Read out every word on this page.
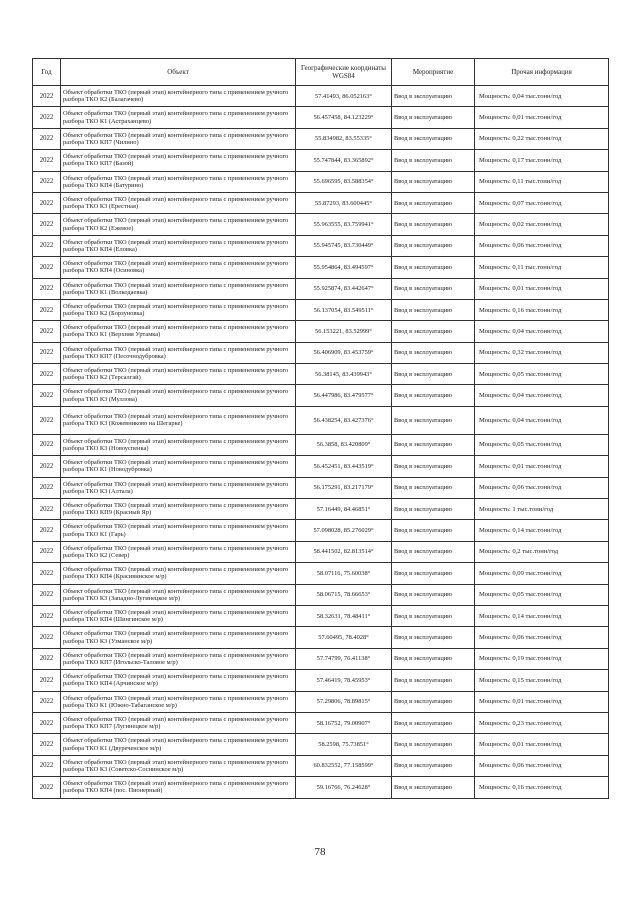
Год	Объект	Географические координаты WGS84	Мероприятие	Прочая информация
2022	Объект обработки ТКО (первый этап) контейнерного типа с применением ручного разбора ТКО К2 (Балагачево)	57.41493, 86.052163°	Ввод в эксплуатацию	Мощность: 0,04 тыс.тонн/год
2022	Объект обработки ТКО (первый этап) контейнерного типа с применением ручного разбора ТКО К1 (Астраханцево)	56.457458, 84.123229°	Ввод в эксплуатацию	Мощность: 0,01 тыс.тонн/год
2022	Объект обработки ТКО (первый этап) контейнерного типа с применением ручного разбора ТКО КП7 (Чилино)	55.834982, 83.55335°	Ввод в эксплуатацию	Мощность: 0,22 тыс.тонн/год
2022	Объект обработки ТКО (первый этап) контейнерного типа с применением ручного разбора ТКО КП7 (Базой)	55.747844, 83.365892°	Ввод в эксплуатацию	Мощность: 0,17 тыс.тонн/год
2022	Объект обработки ТКО (первый этап) контейнерного типа с применением ручного разбора ТКО КП4 (Батурино)	55.696595, 83.588354°	Ввод в эксплуатацию	Мощность: 0,11 тыс.тонн/год
2022	Объект обработки ТКО (первый этап) контейнерного типа с применением ручного разбора ТКО К3 (Ерестная)	55.87293, 83.600445°	Ввод в эксплуатацию	Мощность: 0,07 тыс.тонн/год
2022	Объект обработки ТКО (первый этап) контейнерного типа с применением ручного разбора ТКО К2 (Ежевое)	55.963555, 83.759941°	Ввод в эксплуатацию	Мощность: 0,02 тыс.тонн/год
2022	Объект обработки ТКО (первый этап) контейнерного типа с применением ручного разбора ТКО КП4 (Еловка)	55.945745, 83.730449°	Ввод в эксплуатацию	Мощность: 0,06 тыс.тонн/год
2022	Объект обработки ТКО (первый этап) контейнерного типа с применением ручного разбора ТКО КП4 (Осиновка)	55.954864, 83.494597°	Ввод в эксплуатацию	Мощность: 0,11 тыс.тонн/год
2022	Объект обработки ТКО (первый этап) контейнерного типа с применением ручного разбора ТКО К1 (Волкодаевка)	55.925874, 83.442647°	Ввод в эксплуатацию	Мощность: 0,01 тыс.тонн/год
2022	Объект обработки ТКО (первый этап) контейнерного типа с применением ручного разбора ТКО К2 (Борзуновка)	56.137054, 83.549511°	Ввод в эксплуатацию	Мощность: 0,16 тыс.тонн/год
2022	Объект обработки ТКО (первый этап) контейнерного типа с применением ручного разбора ТКО К1 (Верхняя Уртамка)	56.153221, 83.52999°	Ввод в эксплуатацию	Мощность: 0,04 тыс.тонн/год
2022	Объект обработки ТКО (первый этап) контейнерного типа с применением ручного разбора ТКО КП7 (Песочнодубровка)	56.406909, 83.453759°	Ввод в эксплуатацию	Мощность: 0,32 тыс.тонн/год
2022	Объект обработки ТКО (первый этап) контейнерного типа с применением ручного разбора ТКО К2 (Терсалгай)	56.38145, 83.439943°	Ввод в эксплуатацию	Мощность: 0,05 тыс.тонн/год
2022	Объект обработки ТКО (первый этап) контейнерного типа с применением ручного разбора ТКО К3 (Муллова)	56.447986, 83.479577°	Ввод в эксплуатацию	Мощность: 0,04 тыс.тонн/год
2022	Объект обработки ТКО (первый этап) контейнерного типа с применением ручного разбора ТКО К3 (Кожевниково на Шегарке)	56.438254, 83.427376°	Ввод в эксплуатацию	Мощность: 0,04 тыс.тонн/год
2022	Объект обработки ТКО (первый этап) контейнерного типа с применением ручного разбора ТКО К3 (Новоуспенка)	56.3858, 83.420809°	Ввод в эксплуатацию	Мощность: 0,05 тыс.тонн/год
2022	Объект обработки ТКО (первый этап) контейнерного типа с применением ручного разбора ТКО К1 (Новодубровка)	56.452451, 83.443519°	Ввод в эксплуатацию	Мощность: 0,01 тыс.тонн/год
2022	Объект обработки ТКО (первый этап) контейнерного типа с применением ручного разбора ТКО К3 (Алтала)	56.175291, 83.217179°	Ввод в эксплуатацию	Мощность: 0,06 тыс.тонн/год
2022	Объект обработки ТКО (первый этап) контейнерного типа с применением ручного разбора ТКО КП9 (Красный Яр)	57.16449, 84.46851°	Ввод в эксплуатацию	Мощность: 1 тыс.тонн/год
2022	Объект обработки ТКО (первый этап) контейнерного типа с применением ручного разбора ТКО К1 (Гарь)	57.098028, 85.276029°	Ввод в эксплуатацию	Мощность: 0,14 тыс.тонн/год
2022	Объект обработки ТКО (первый этап) контейнерного типа с применением ручного разбора ТКО К2 (Север)	58.441502, 82.813514°	Ввод в эксплуатацию	Мощность: 0,2 тыс.тонн/год
2022	Объект обработки ТКО (первый этап) контейнерного типа с применением ручного разбора ТКО КП4 (Красивинское м/р)	58.07116, 75.60038°	Ввод в эксплуатацию	Мощность: 0,09 тыс.тонн/год
2022	Объект обработки ТКО (первый этап) контейнерного типа с применением ручного разбора ТКО К3 (Западно-Лугинецкое м/р)	58.06715, 78.66653°	Ввод в эксплуатацию	Мощность: 0,05 тыс.тонн/год
2022	Объект обработки ТКО (первый этап) контейнерного типа с применением ручного разбора ТКО КП4 (Шингинское м/р)	58.32631, 78.48411°	Ввод в эксплуатацию	Мощность: 0,14 тыс.тонн/год
2022	Объект обработки ТКО (первый этап) контейнерного типа с применением ручного разбора ТКО К3 (Узманское м/р)	57.60495, 78.4028°	Ввод в эксплуатацию	Мощность: 0,06 тыс.тонн/год
2022	Объект обработки ТКО (первый этап) контейнерного типа с применением ручного разбора ТКО КП7 (Игольско-Таловое м/р)	57.74799, 76.41138°	Ввод в эксплуатацию	Мощность: 0,19 тыс.тонн/год
2022	Объект обработки ТКО (первый этап) контейнерного типа с применением ручного разбора ТКО КП4 (Арчинское м/р)	57.46419, 78.45953°	Ввод в эксплуатацию	Мощность: 0,15 тыс.тонн/год
2022	Объект обработки ТКО (первый этап) контейнерного типа с применением ручного разбора ТКО К1 (Южно-Табаганское м/р)	57.29806, 78.89815°	Ввод в эксплуатацию	Мощность: 0,01 тыс.тонн/год
2022	Объект обработки ТКО (первый этап) контейнерного типа с применением ручного разбора ТКО КП7 (Лугинецкое м/р)	58.16752, 79.00907°	Ввод в эксплуатацию	Мощность: 0,23 тыс.тонн/год
2022	Объект обработки ТКО (первый этап) контейнерного типа с применением ручного разбора ТКО К1 (Двуреченское м/р)	58.2598, 75.73851°	Ввод в эксплуатацию	Мощность: 0,01 тыс.тонн/год
2022	Объект обработки ТКО (первый этап) контейнерного типа с применением ручного разбора ТКО К3 (Советско-Соснинское м/р)	60.832552, 77.158599°	Ввод в эксплуатацию	Мощность: 0,06 тыс.тонн/год
2022	Объект обработки ТКО (первый этап) контейнерного типа с применением ручного разбора ТКО КП4 (пос. Пионерный)	59.16766, 76.24628°	Ввод в эксплуатацию	Мощность: 0,16 тыс.тонн/год
78
